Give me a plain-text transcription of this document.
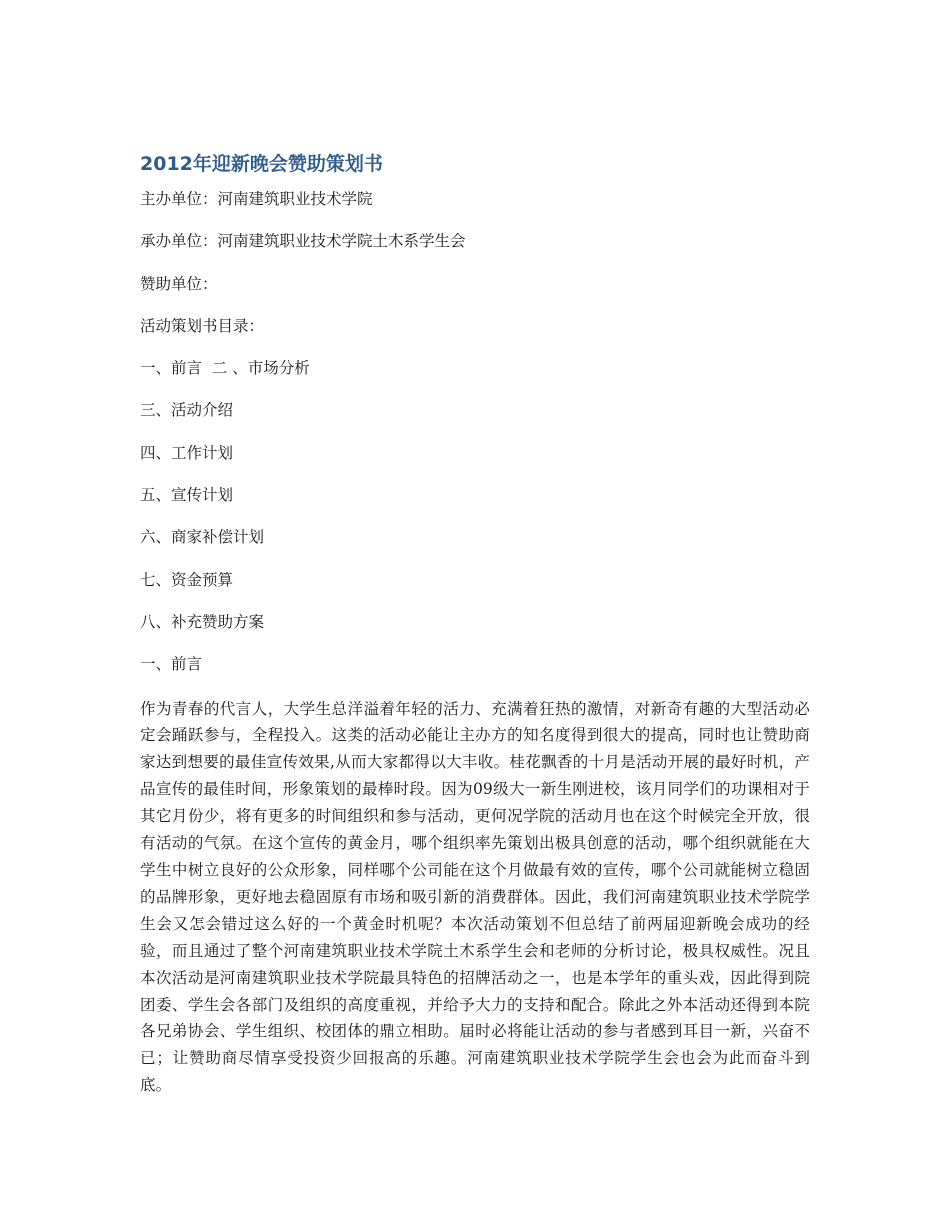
2012年迎新晚会赞助策划书
主办单位：河南建筑职业技术学院
承办单位：河南建筑职业技术学院土木系学生会
赞助单位：
活动策划书目录：
一、前言  二 、市场分析
三、活动介绍
四、工作计划
五、宣传计划
六、商家补偿计划
七、资金预算
八、补充赞助方案
一、前言

作为青春的代言人，大学生总洋溢着年轻的活力、充满着狂热的激情，对新奇有趣的大型活动必定会踊跃参与，全程投入。这类的活动必能让主办方的知名度得到很大的提高，同时也让赞助商家达到想要的最佳宣传效果,从而大家都得以大丰收。桂花飘香的十月是活动开展的最好时机，产品宣传的最佳时间，形象策划的最棒时段。因为09级大一新生刚进校，该月同学们的功课相对于其它月份少，将有更多的时间组织和参与活动，更何况学院的活动月也在这个时候完全开放，很有活动的气氛。在这个宣传的黄金月，哪个组织率先策划出极具创意的活动，哪个组织就能在大学生中树立良好的公众形象，同样哪个公司能在这个月做最有效的宣传，哪个公司就能树立稳固的品牌形象，更好地去稳固原有市场和吸引新的消费群体。因此，我们河南建筑职业技术学院学生会又怎会错过这么好的一个黄金时机呢？本次活动策划不但总结了前两届迎新晚会成功的经验，而且通过了整个河南建筑职业技术学院土木系学生会和老师的分析讨论，极具权威性。况且本次活动是河南建筑职业技术学院最具特色的招牌活动之一，也是本学年的重头戏，因此得到院团委、学生会各部门及组织的高度重视，并给予大力的支持和配合。除此之外本活动还得到本院各兄弟协会、学生组织、校团体的鼎立相助。届时必将能让活动的参与者感到耳目一新，兴奋不已；让赞助商尽情享受投资少回报高的乐趣。河南建筑职业技术学院学生会也会为此而奋斗到底。
